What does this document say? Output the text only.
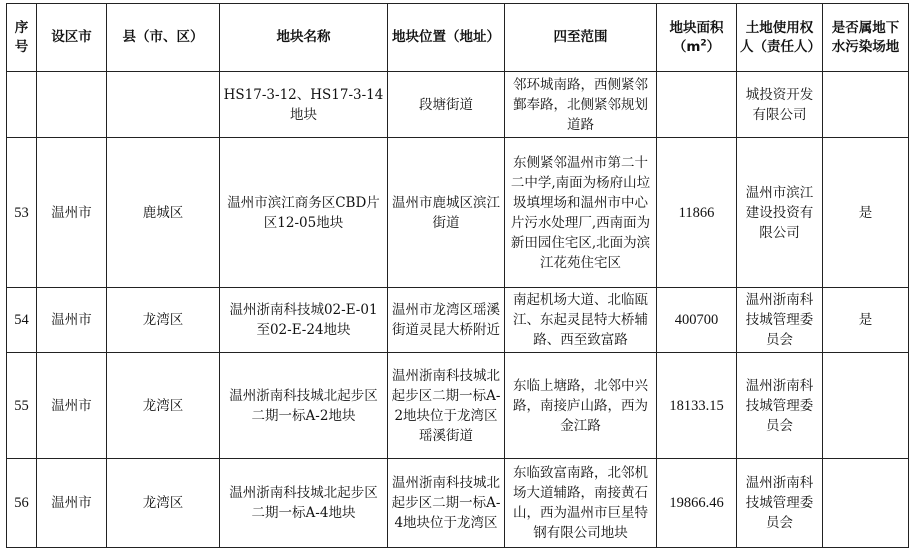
序号	设区市	县（市、区）	地块名称	地块位置（地址）	四至范围	地块面积$(m^2)$	土地使用权人（责任人）	是否属地下水污染场地
			HS17-3-12、HS17-3-14地块	段塘街道	邻环城南路，西侧紧邻鄞奉路，北侧紧邻规划道路		城投资开发有限公司	
53	温州市	鹿城区	温州市滨江商务区CBD片区12-05地块	温州市鹿城区滨江街道	东侧紧邻温州市第二十二中学,南面为杨府山垃圾填埋场和温州市中心片污水处理厂,西南面为新田园住宅区,北面为滨江花苑住宅区	11866	温州市滨江建设投资有限公司	是
54	温州市	龙湾区	温州浙南科技城02-E-01至02-E-24地块	温州市龙湾区瑶溪街道灵昆大桥附近	南起机场大道、北临瓯江、东起灵昆特大桥辅路、西至致富路	400700	温州浙南科技城管理委员会	是
55	温州市	龙湾区	温州浙南科技城北起步区二期一标A-2地块	温州浙南科技城北起步区二期一标A-2地块位于龙湾区瑶溪街道	东临上塘路，北邻中兴路，南接庐山路，西为金江路	18133.15	温州浙南科技城管理委员会	
56	温州市	龙湾区	温州浙南科技城北起步区二期一标A-4地块	温州浙南科技城北起步区二期一标A-4地块位于龙湾区	东临致富南路，北邻机场大道辅路，南接黄石山，西为温州市巨星特钢有限公司地块	19866.46	温州浙南科技城管理委员会	
